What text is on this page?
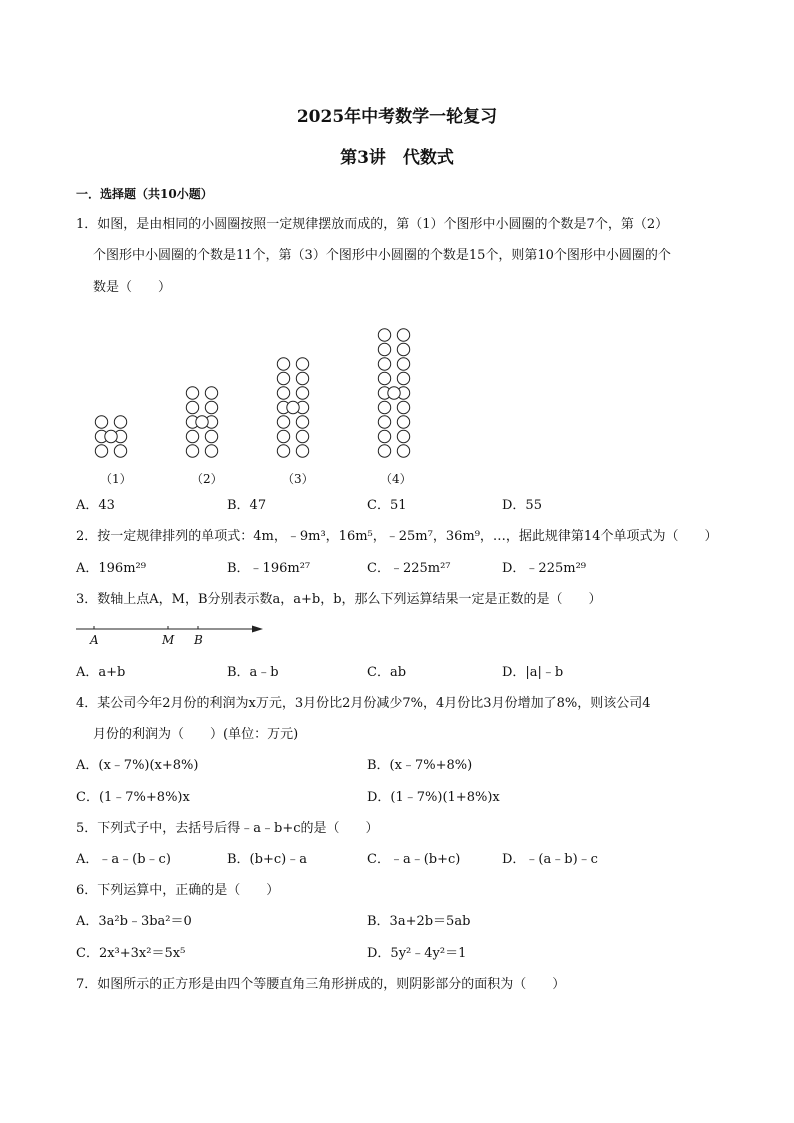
2025年中考数学一轮复习
第3讲　代数式
一．选择题（共10小题）
1．如图，是由相同的小圆圈按照一定规律摆放而成的，第（1）个图形中小圆圈的个数是7个，第（2）
个图形中小圆圈的个数是11个，第（3）个图形中小圆圈的个数是15个，则第10个图形中小圆圈的个
数是（　　）
（1）	（2）	（3）	（4）
A．43	B．47	C．51	D．55
2．按一定规律排列的单项式：4m，﹣9m³，16m⁵，﹣25m⁷，36m⁹，…，据此规律第14个单项式为（　　）
A．196m²⁹	B．﹣196m²⁷	C．﹣225m²⁷	D．﹣225m²⁹
3．数轴上点A，M，B分别表示数a，a+b，b，那么下列运算结果一定是正数的是（　　）
A	M B
A．a+b	B．a﹣b	C．ab	D．|a|﹣b
4．某公司今年2月份的利润为x万元，3月份比2月份减少7%，4月份比3月份增加了8%，则该公司4
月份的利润为（　　）(单位：万元)
A．(x﹣7%)(x+8%)	B．(x﹣7%+8%)
C．(1﹣7%+8%)x	D．(1﹣7%)(1+8%)x
5．下列式子中，去括号后得﹣a﹣b+c的是（　　）
A．﹣a﹣(b﹣c)	B．(b+c)﹣a	C．﹣a﹣(b+c)	D．﹣(a﹣b)﹣c
6．下列运算中，正确的是（　　）
A．3a²b﹣3ba²＝0	B．3a+2b＝5ab
C．2x³+3x²＝5x⁵	D．5y²﹣4y²＝1
7．如图所示的正方形是由四个等腰直角三角形拼成的，则阴影部分的面积为（　　）
